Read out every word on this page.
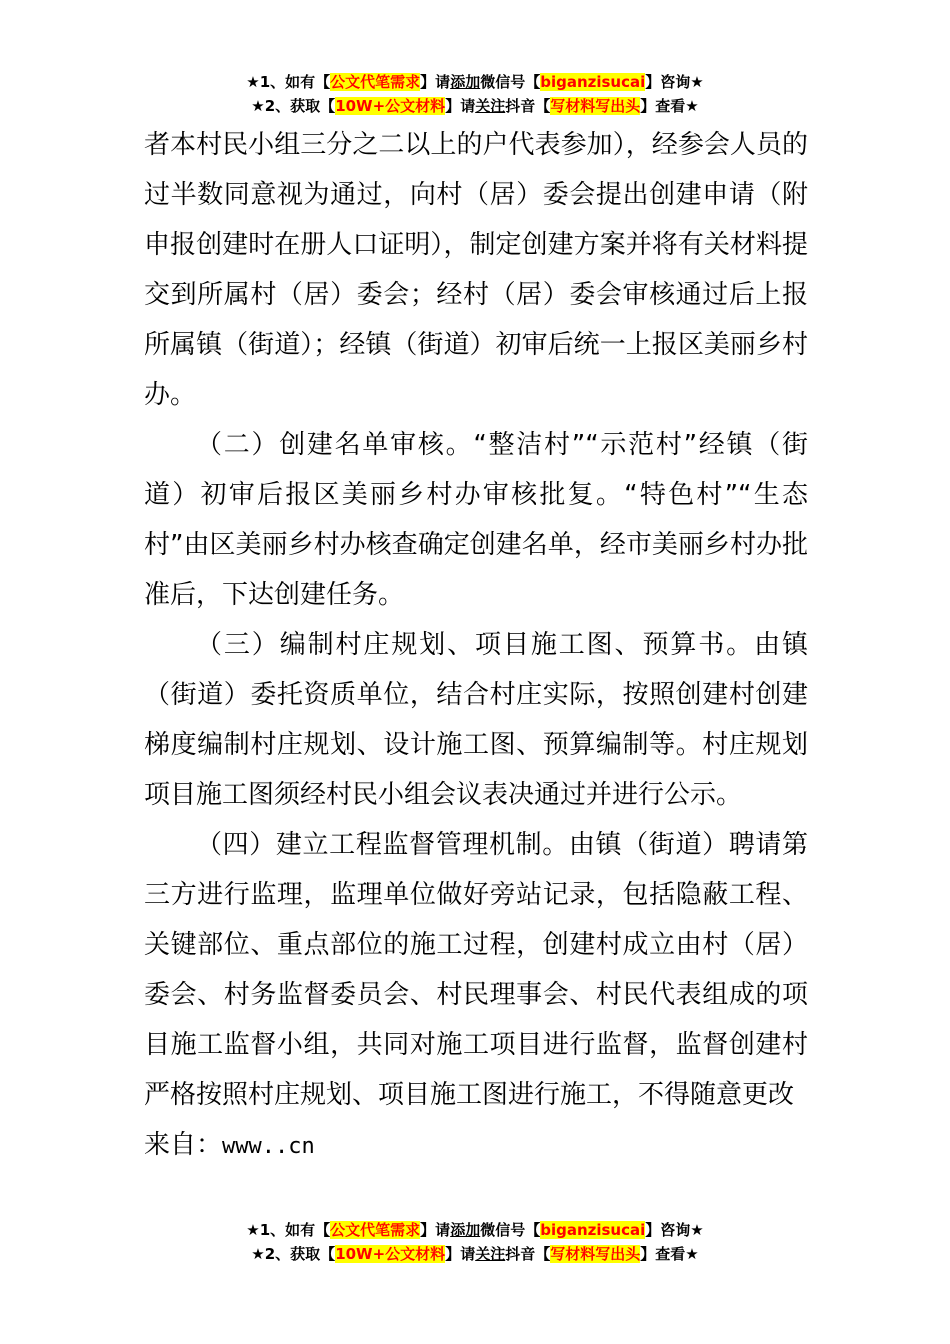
★1、如有【公文代笔需求】请添加微信号【biganzisucai】咨询★
★2、获取【10W+公文材料】请关注抖音【写材料写出头】查看★

者本村民小组三分之二以上的户代表参加），经参会人员的过半数同意视为通过，向村（居）委会提出创建申请（附申报创建时在册人口证明），制定创建方案并将有关材料提交到所属村（居）委会；经村（居）委会审核通过后上报所属镇（街道）；经镇（街道）初审后统一上报区美丽乡村办。

（二）创建名单审核。“整洁村”“示范村”经镇（街道）初审后报区美丽乡村办审核批复。“特色村”“生态村”由区美丽乡村办核查确定创建名单，经市美丽乡村办批准后，下达创建任务。

（三）编制村庄规划、项目施工图、预算书。由镇（街道）委托资质单位，结合村庄实际，按照创建村创建梯度编制村庄规划、设计施工图、预算编制等。村庄规划项目施工图须经村民小组会议表决通过并进行公示。

（四）建立工程监督管理机制。由镇（街道）聘请第三方进行监理，监理单位做好旁站记录，包括隐蔽工程、关键部位、重点部位的施工过程，创建村成立由村（居）委会、村务监督委员会、村民理事会、村民代表组成的项目施工监督小组，共同对施工项目进行监督，监督创建村严格按照村庄规划、项目施工图进行施工，不得随意更改

来自：www..cn

★1、如有【公文代笔需求】请添加微信号【biganzisucai】咨询★
★2、获取【10W+公文材料】请关注抖音【写材料写出头】查看★
